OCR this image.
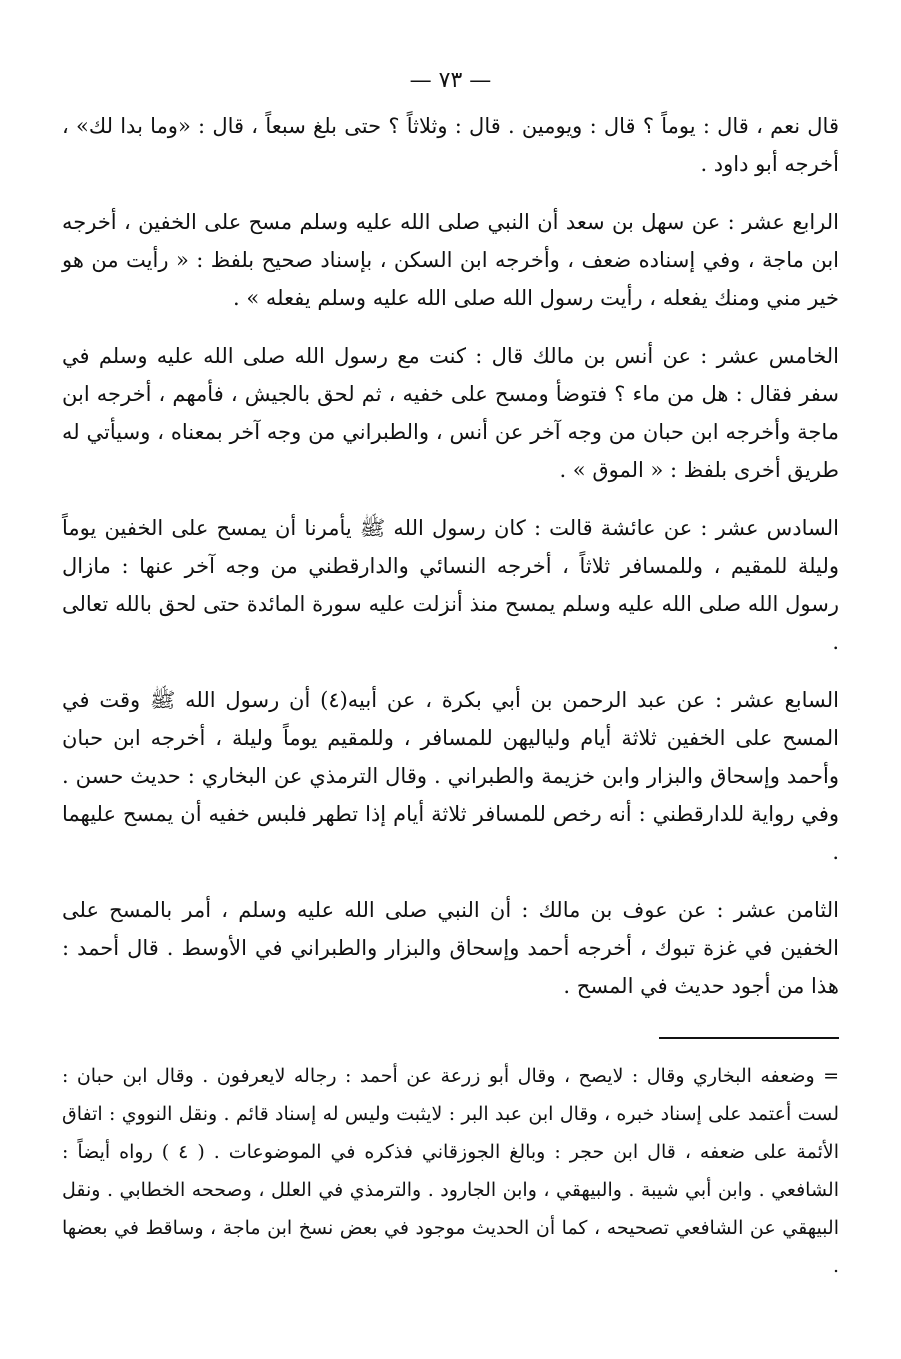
— ٧٣ —

قال نعم ، قال : يوماً ؟ قال : ويومين . قال : وثلاثاً ؟ حتى بلغ سبعاً ، قال : «وما بدا لك» ، أخرجه أبو داود .

الرابع عشر : عن سهل بن سعد أن النبي صلى الله عليه وسلم مسح على الخفين ، أخرجه ابن ماجة ، وفي إسناده ضعف ، وأخرجه ابن السكن ، بإسناد صحيح بلفظ : « رأيت من هو خير مني ومنك يفعله ، رأيت رسول الله صلى الله عليه وسلم يفعله » .

الخامس عشر : عن أنس بن مالك قال : كنت مع رسول الله صلى الله عليه وسلم في سفر فقال : هل من ماء ؟ فتوضأ ومسح على خفيه ، ثم لحق بالجيش ، فأمهم ، أخرجه ابن ماجة وأخرجه ابن حبان من وجه آخر عن أنس ، والطبراني من وجه آخر بمعناه ، وسيأتي له طريق أخرى بلفظ : « الموق » .

السادس عشر : عن عائشة قالت : كان رسول الله ﷺ يأمرنا أن يمسح على الخفين يوماً وليلة للمقيم ، وللمسافر ثلاثاً ، أخرجه النسائي والدارقطني من وجه آخر عنها : مازال رسول الله صلى الله عليه وسلم يمسح منذ أنزلت عليه سورة المائدة حتى لحق بالله تعالى .

السابع عشر : عن عبد الرحمن بن أبي بكرة ، عن أبيه(٤) أن رسول الله ﷺ وقت في المسح على الخفين ثلاثة أيام ولياليهن للمسافر ، وللمقيم يوماً وليلة ، أخرجه ابن حبان وأحمد وإسحاق والبزار وابن خزيمة والطبراني . وقال الترمذي عن البخاري : حديث حسن . وفي رواية للدارقطني : أنه رخص للمسافر ثلاثة أيام إذا تطهر فلبس خفيه أن يمسح عليهما .

الثامن عشر : عن عوف بن مالك : أن النبي صلى الله عليه وسلم ، أمر بالمسح على الخفين في غزة تبوك ، أخرجه أحمد وإسحاق والبزار والطبراني في الأوسط . قال أحمد : هذا من أجود حديث في المسح .

= وضعفه البخاري وقال : لايصح ، وقال أبو زرعة عن أحمد : رجاله لايعرفون . وقال ابن حبان : لست أعتمد على إسناد خبره ، وقال ابن عبد البر : لايثبت وليس له إسناد قائم . ونقل النووي : اتفاق الأئمة على ضعفه ، قال ابن حجر : وبالغ الجوزقاني فذكره في الموضوعات . ( ٤ ) رواه أيضاً : الشافعي . وابن أبي شيبة . والبيهقي ، وابن الجارود . والترمذي في العلل ، وصححه الخطابي . ونقل البيهقي عن الشافعي تصحيحه ، كما أن الحديث موجود في بعض نسخ ابن ماجة ، وساقط في بعضها .
